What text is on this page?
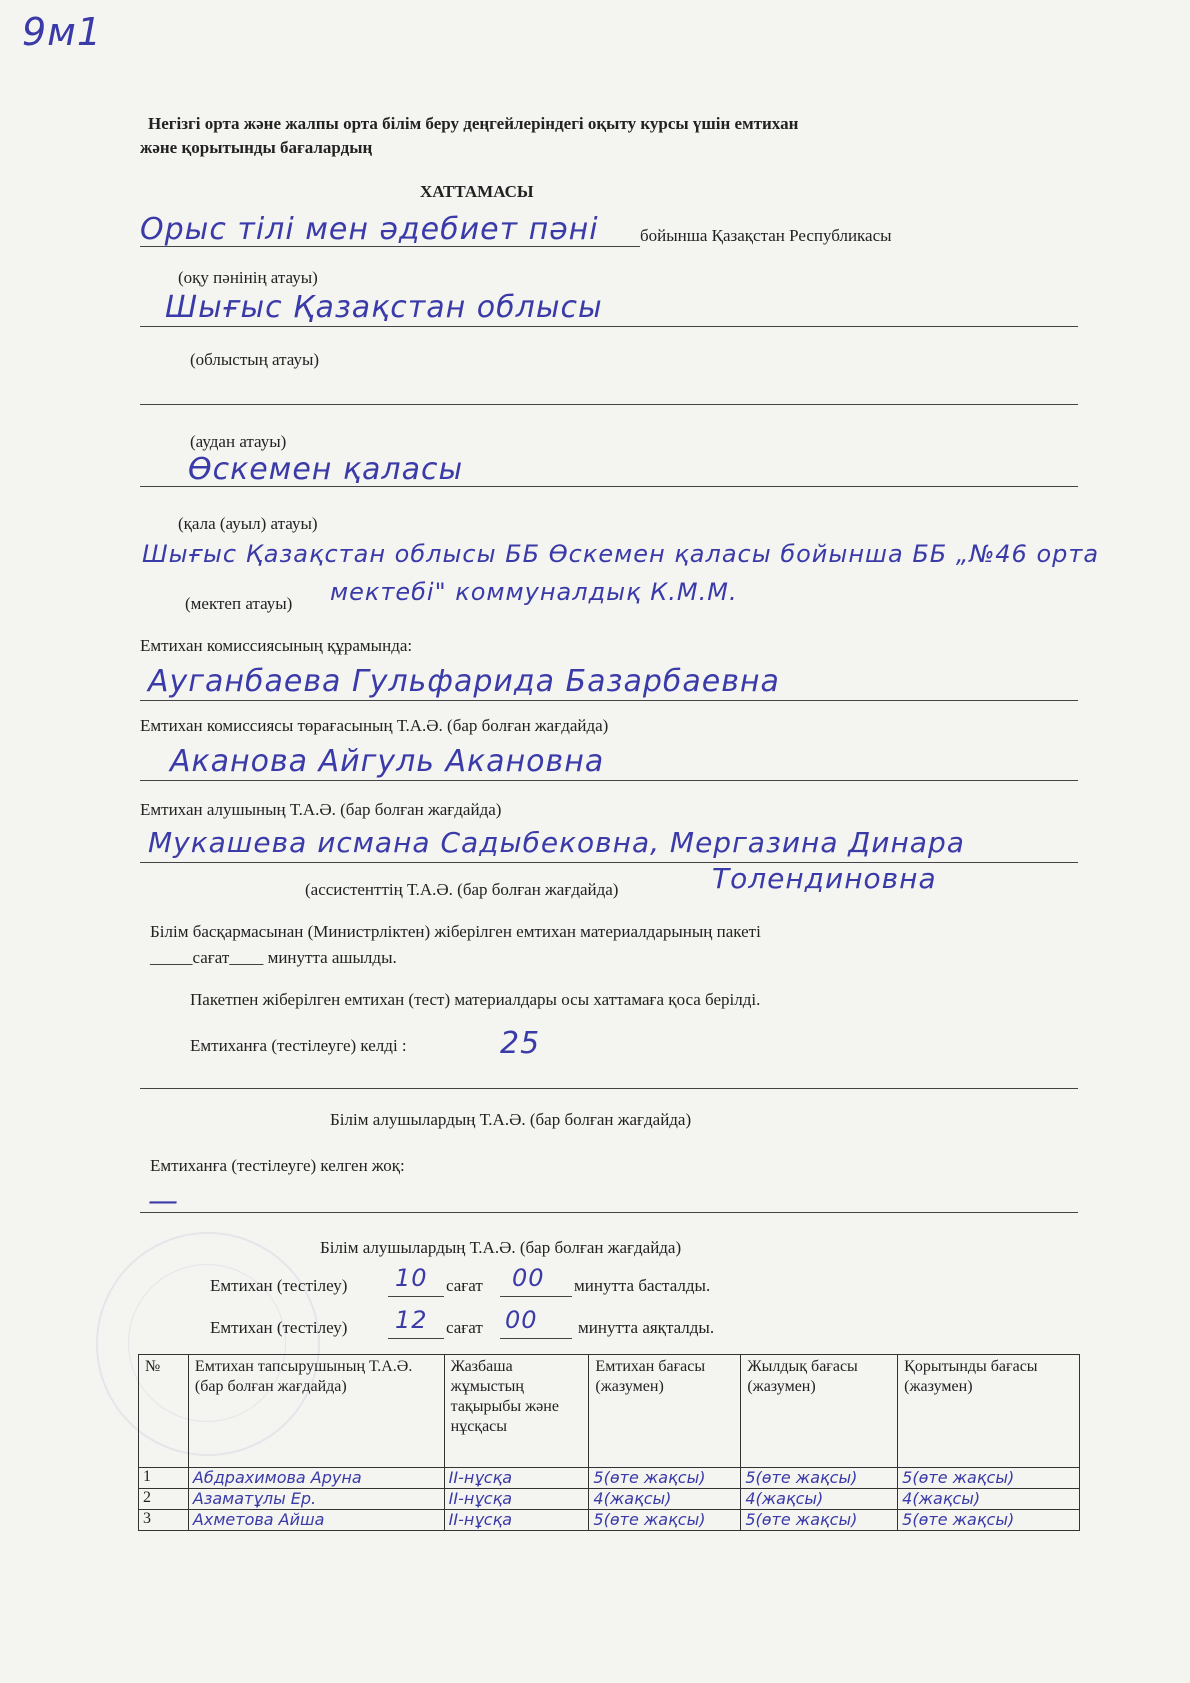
9м1
Негізгі орта және жалпы орта білім беру деңгейлеріндегі оқыту курсы үшін емтихан
және қорытынды бағалардың
ХАТТАМАСЫ
Орыс тілі мен әдебиет пәні бойынша Қазақстан Республикасы
(оқу пәнінің атауы)
Шығыс Қазақстан облысы
(облыстың атауы)
(аудан атауы)
Өскемен қаласы
(қала (ауыл) атауы)
Шығыс Қазақстан облысы ББ Өскемен қаласы бойынша ББ „№46 орта
(мектеп атауы) мектебі" коммуналдық К.М.М.
Емтихан комиссиясының құрамында:
Ауганбаева Гульфарида Базарбаевна
Емтихан комиссиясы төрағасының Т.А.Ә. (бар болған жағдайда)
Аканова Айгуль Акановна
Емтихан алушының Т.А.Ә. (бар болған жағдайда)
Мукашева исмана Садыбековна, Мергазина Динара
(ассистенттің Т.А.Ә. (бар болған жағдайда)	Толендиновна
Білім басқармасынан (Министрліктен) жіберілген емтихан материалдарының пакеті
_____сағат____ минутта ашылды.
Пакетпен жіберілген емтихан (тест) материалдары осы хаттамаға қоса берілді.
Емтиханға (тестілеуге) келді :	25
Білім алушылардың Т.А.Ә. (бар болған жағдайда)
Емтиханға (тестілеуге) келген жоқ:
—
Білім алушылардың Т.А.Ә. (бар болған жағдайда)
Емтихан (тестілеу) 10 сағат 00 минутта басталды.
Емтихан (тестілеу) 12 сағат 00 минутта аяқталды.
№	Емтихан тапсырушының Т.А.Ә. (бар болған жағдайда)	Жазбаша жұмыстың тақырыбы және нұсқасы	Емтихан бағасы (жазумен)	Жылдық бағасы (жазумен)	Қорытынды бағасы (жазумен)
1	Абдрахимова Аруна	II-нұсқа	5(өте жақсы)	5(өте жақсы)	5(өте жақсы)
2	Азаматұлы Ер.	II-нұсқа	4(жақсы)	4(жақсы)	4(жақсы)
3	Ахметова Айша	II-нұсқа	5(өте жақсы)	5(өте жақсы)	5(өте жақсы)
